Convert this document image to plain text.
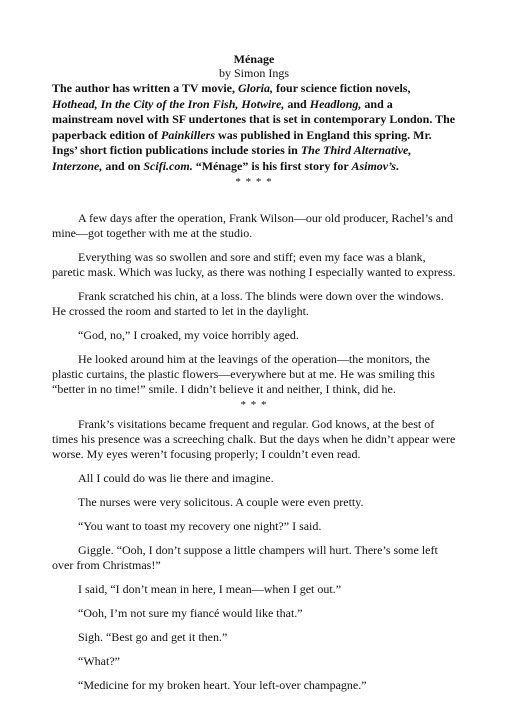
Ménage
by Simon Ings

The author has written a TV movie, Gloria, four science fiction novels, Hothead, In the City of the Iron Fish, Hotwire, and Headlong, and a mainstream novel with SF undertones that is set in contemporary London. The paperback edition of Painkillers was published in England this spring. Mr. Ings’ short fiction publications include stories in The Third Alternative, Interzone, and on Scifi.com. “Ménage” is his first story for Asimov’s.

* * * *

A few days after the operation, Frank Wilson—our old producer, Rachel’s and mine—got together with me at the studio.

Everything was so swollen and sore and stiff; even my face was a blank, paretic mask. Which was lucky, as there was nothing I especially wanted to express.

Frank scratched his chin, at a loss. The blinds were down over the windows. He crossed the room and started to let in the daylight.

“God, no,” I croaked, my voice horribly aged.

He looked around him at the leavings of the operation—the monitors, the plastic curtains, the plastic flowers—everywhere but at me. He was smiling this “better in no time!” smile. I didn’t believe it and neither, I think, did he.

* * *

Frank’s visitations became frequent and regular. God knows, at the best of times his presence was a screeching chalk. But the days when he didn’t appear were worse. My eyes weren’t focusing properly; I couldn’t even read.

All I could do was lie there and imagine.

The nurses were very solicitous. A couple were even pretty.

“You want to toast my recovery one night?” I said.

Giggle. “Ooh, I don’t suppose a little champers will hurt. There’s some left over from Christmas!”

I said, “I don’t mean in here, I mean—when I get out.”

“Ooh, I’m not sure my fiancé would like that.”

Sigh. “Best go and get it then.”

“What?”

“Medicine for my broken heart. Your left-over champagne.”
